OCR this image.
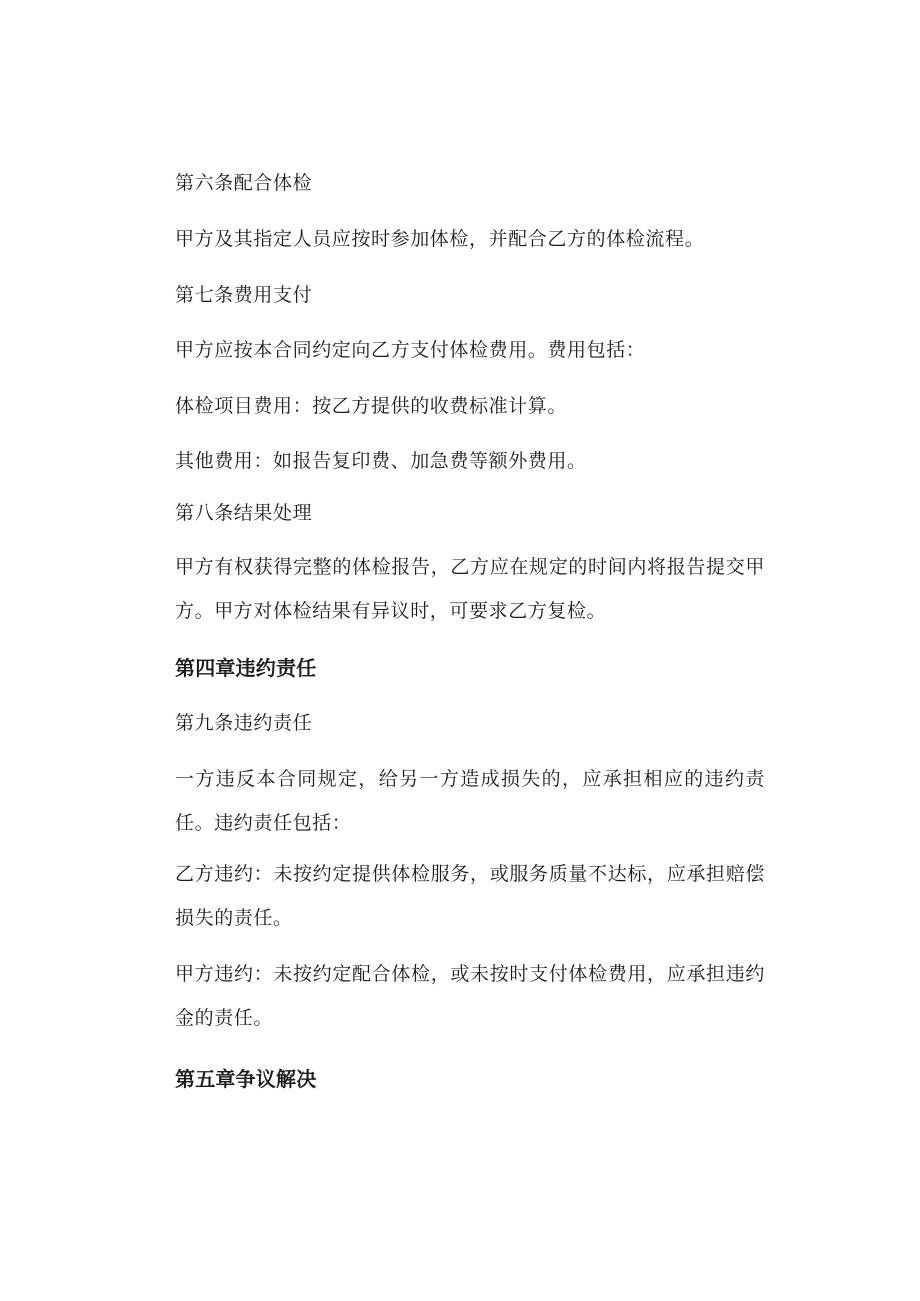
第六条配合体检
甲方及其指定人员应按时参加体检，并配合乙方的体检流程。
第七条费用支付
甲方应按本合同约定向乙方支付体检费用。费用包括：
体检项目费用：按乙方提供的收费标准计算。
其他费用：如报告复印费、加急费等额外费用。
第八条结果处理
甲方有权获得完整的体检报告，乙方应在规定的时间内将报告提交甲方。甲方对体检结果有异议时，可要求乙方复检。
第四章违约责任
第九条违约责任
一方违反本合同规定，给另一方造成损失的，应承担相应的违约责任。违约责任包括：
乙方违约：未按约定提供体检服务，或服务质量不达标，应承担赔偿损失的责任。
甲方违约：未按约定配合体检，或未按时支付体检费用，应承担违约金的责任。
第五章争议解决
